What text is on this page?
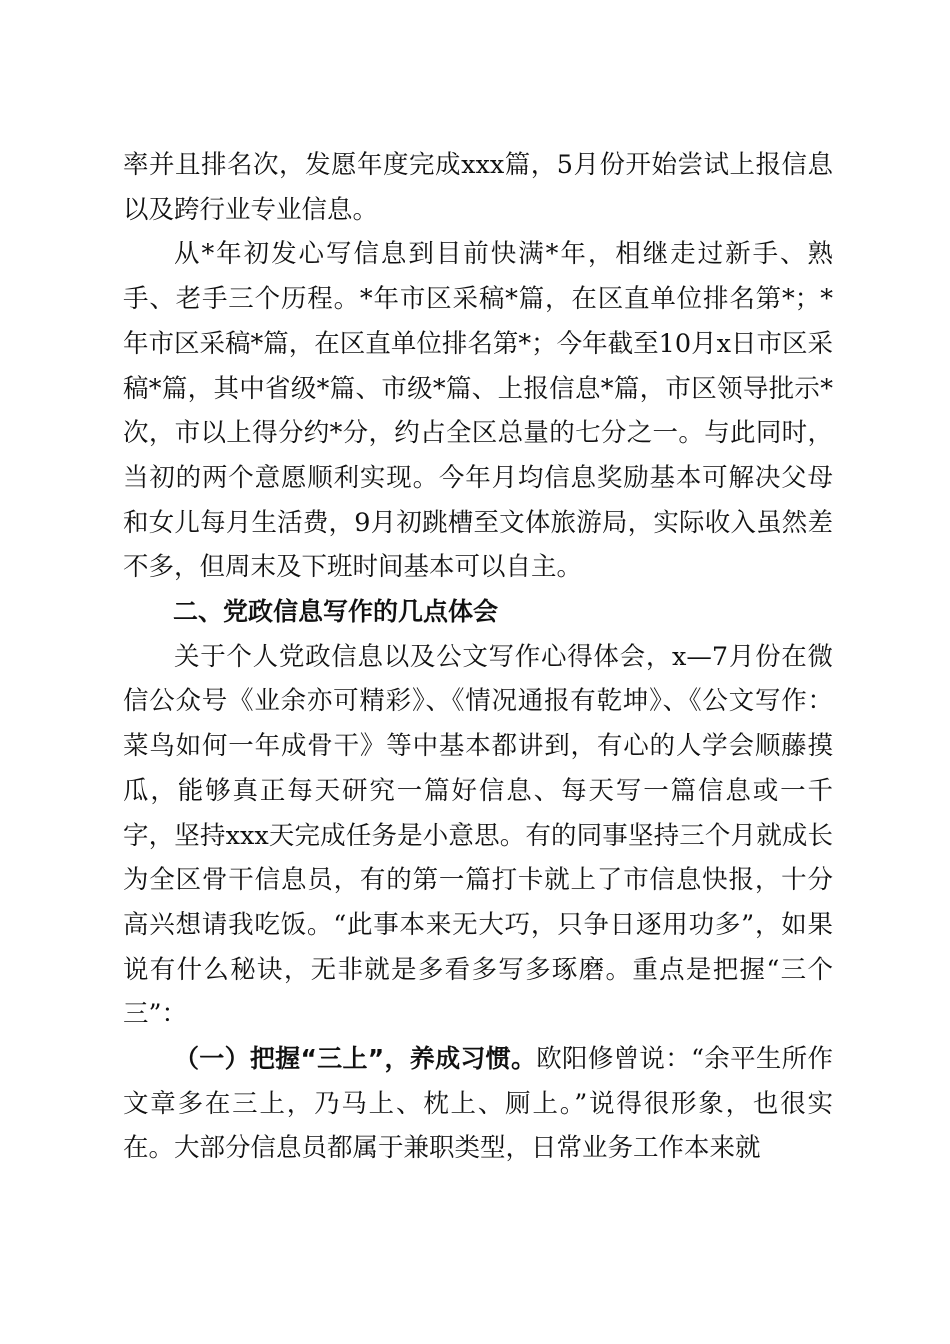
率并且排名次，发愿年度完成xxx篇，5月份开始尝试上报信息以及跨行业专业信息。

从*年初发心写信息到目前快满*年，相继走过新手、熟手、老手三个历程。*年市区采稿*篇，在区直单位排名第*；*年市区采稿*篇，在区直单位排名第*；今年截至10月x日市区采稿*篇，其中省级*篇、市级*篇、上报信息*篇，市区领导批示*次，市以上得分约*分，约占全区总量的七分之一。与此同时，当初的两个意愿顺利实现。今年月均信息奖励基本可解决父母和女儿每月生活费，9月初跳槽至文体旅游局，实际收入虽然差不多，但周末及下班时间基本可以自主。

二、党政信息写作的几点体会

关于个人党政信息以及公文写作心得体会，x—7月份在微信公众号《业余亦可精彩》、《情况通报有乾坤》、《公文写作：菜鸟如何一年成骨干》等中基本都讲到，有心的人学会顺藤摸瓜，能够真正每天研究一篇好信息、每天写一篇信息或一千字，坚持xxx天完成任务是小意思。有的同事坚持三个月就成长为全区骨干信息员，有的第一篇打卡就上了市信息快报，十分高兴想请我吃饭。“此事本来无大巧，只争日逐用功多”，如果说有什么秘诀，无非就是多看多写多琢磨。重点是把握“三个三”：

（一）把握“三上”，养成习惯。欧阳修曾说：“余平生所作文章多在三上，乃马上、枕上、厕上。”说得很形象，也很实在。大部分信息员都属于兼职类型，日常业务工作本来就
